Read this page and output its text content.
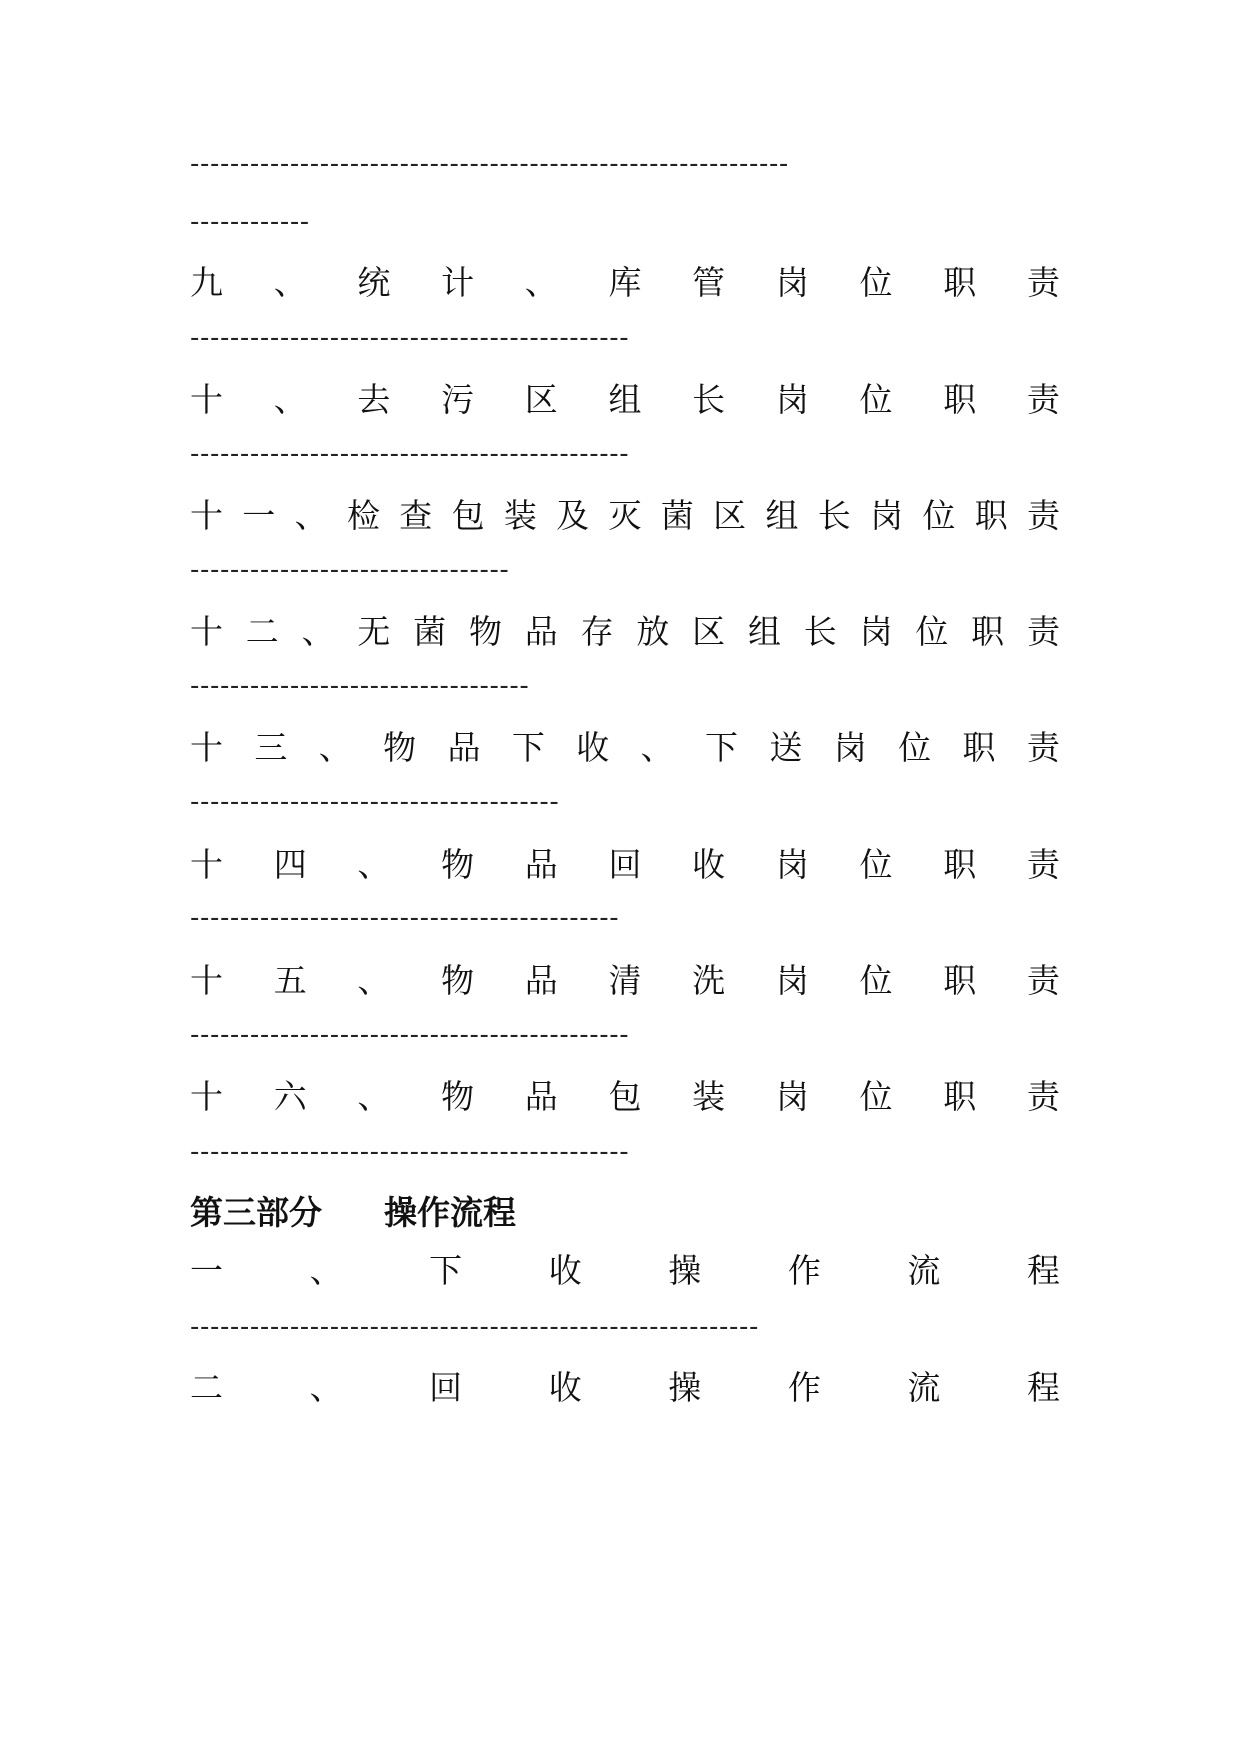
------------------------------------------------------------
------------
九 、 统 计 、 库 管 岗 位 职 责
--------------------------------------------
十 、 去 污 区 组 长 岗 位 职 责
--------------------------------------------
十 一 、 检 查 包 装 及 灭 菌 区 组 长 岗 位 职 责
--------------------------------
十 二 、 无 菌 物 品 存 放 区 组 长 岗 位 职 责
----------------------------------
十 三 、 物 品 下 收 、 下 送 岗 位 职 责
-------------------------------------
十 四 、 物 品 回 收 岗 位 职 责
-------------------------------------------
十 五 、 物 品 清 洗 岗 位 职 责
--------------------------------------------
十 六 、 物 品 包 装 岗 位 职 责
--------------------------------------------
第三部分 操作流程
一	、	下	收	操	作	流	程
---------------------------------------------------------
二	、	回	收	操	作	流	程
